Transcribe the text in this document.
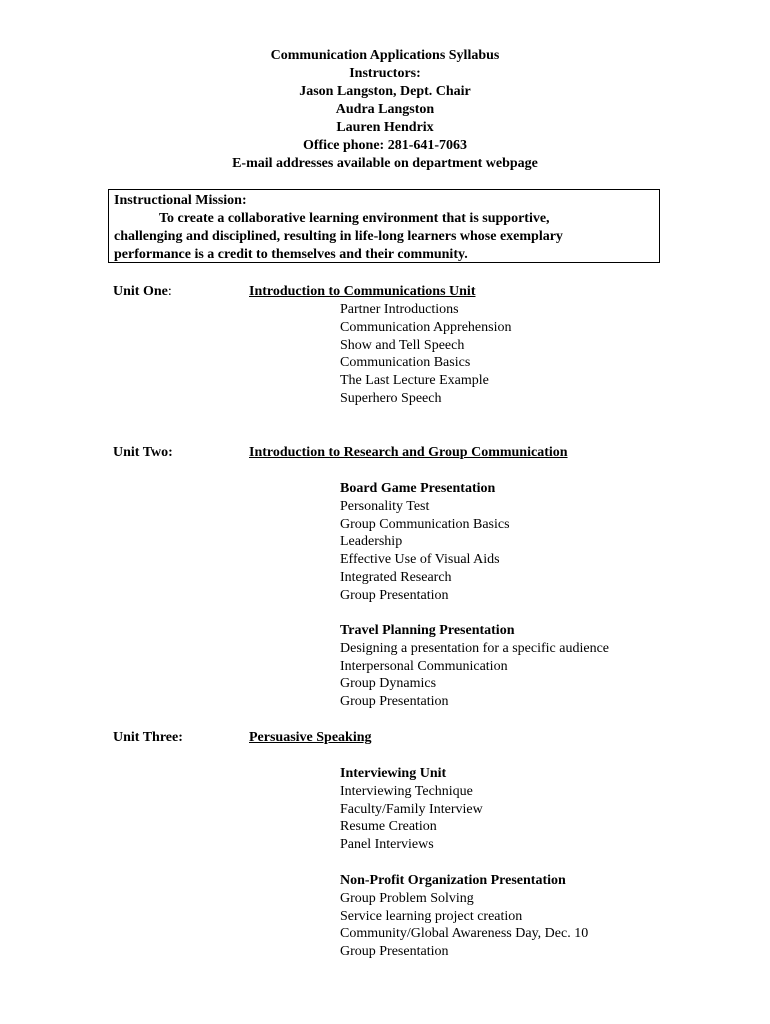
Communication Applications Syllabus
Instructors:
Jason Langston, Dept. Chair
Audra Langston
Lauren Hendrix
Office phone: 281-641-7063
E-mail addresses available on department webpage
Instructional Mission:
To create a collaborative learning environment that is supportive,
challenging and disciplined, resulting in life-long learners whose exemplary
performance is a credit to themselves and their community.
Unit One:	Introduction to Communications Unit
Partner Introductions
Communication Apprehension
Show and Tell Speech
Communication Basics
The Last Lecture Example
Superhero Speech
Unit Two:	Introduction to Research and Group Communication
Board Game Presentation
Personality Test
Group Communication Basics
Leadership
Effective Use of Visual Aids
Integrated Research
Group Presentation
Travel Planning Presentation
Designing a presentation for a specific audience
Interpersonal Communication
Group Dynamics
Group Presentation
Unit Three:	Persuasive Speaking
Interviewing Unit
Interviewing Technique
Faculty/Family Interview
Resume Creation
Panel Interviews
Non-Profit Organization Presentation
Group Problem Solving
Service learning project creation
Community/Global Awareness Day, Dec. 10
Group Presentation
